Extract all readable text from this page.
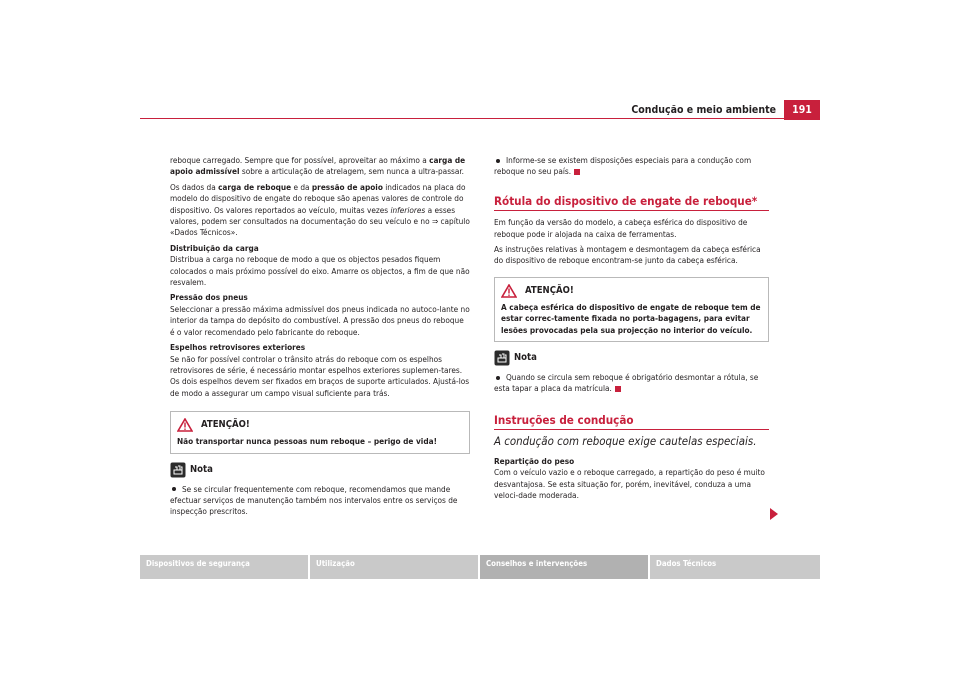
Condução e meio ambiente	191

reboque carregado. Sempre que for possível, aproveitar ao máximo a carga de apoio admissível sobre a articulação de atrelagem, sem nunca a ultra-passar.

Os dados da carga de reboque e da pressão de apoio indicados na placa do modelo do dispositivo de engate do reboque são apenas valores de controle do dispositivo. Os valores reportados ao veículo, muitas vezes inferiores a esses valores, podem ser consultados na documentação do seu veículo e no ⇒ capítulo «Dados Técnicos».

Distribuição da carga

Distribua a carga no reboque de modo a que os objectos pesados fiquem colocados o mais próximo possível do eixo. Amarre os objectos, a fim de que não resvalem.

Pressão dos pneus

Seleccionar a pressão máxima admissível dos pneus indicada no autoco-lante no interior da tampa do depósito do combustível. A pressão dos pneus do reboque é o valor recomendado pelo fabricante do reboque.

Espelhos retrovisores exteriores

Se não for possível controlar o trânsito atrás do reboque com os espelhos retrovisores de série, é necessário montar espelhos exteriores suplemen-tares. Os dois espelhos devem ser fixados em braços de suporte articulados. Ajustá-los de modo a assegurar um campo visual suficiente para trás.

ATENÇÃO!
Não transportar nunca pessoas num reboque – perigo de vida!
Nota

Se se circular frequentemente com reboque, recomendamos que mande efectuar serviços de manutenção também nos intervalos entre os serviços de inspecção prescritos.

Informe-se se existem disposições especiais para a condução com reboque no seu país.

Rótula do dispositivo de engate de reboque*

Em função da versão do modelo, a cabeça esférica do dispositivo de reboque pode ir alojada na caixa de ferramentas.

As instruções relativas à montagem e desmontagem da cabeça esférica do dispositivo de reboque encontram-se junto da cabeça esférica.

ATENÇÃO!
A cabeça esférica do dispositivo de engate de reboque tem de estar correc-tamente fixada no porta-bagagens, para evitar lesões provocadas pela sua projecção no interior do veículo.
Nota

Quando se circula sem reboque é obrigatório desmontar a rótula, se esta tapar a placa da matrícula.

Instruções de condução
A condução com reboque exige cautelas especiais.

Repartição do peso

Com o veículo vazio e o reboque carregado, a repartição do peso é muito desvantajosa. Se esta situação for, porém, inevitável, conduza a uma veloci-dade moderada.

Dispositivos de segurança	Utilização	Conselhos e intervenções	Dados Técnicos
